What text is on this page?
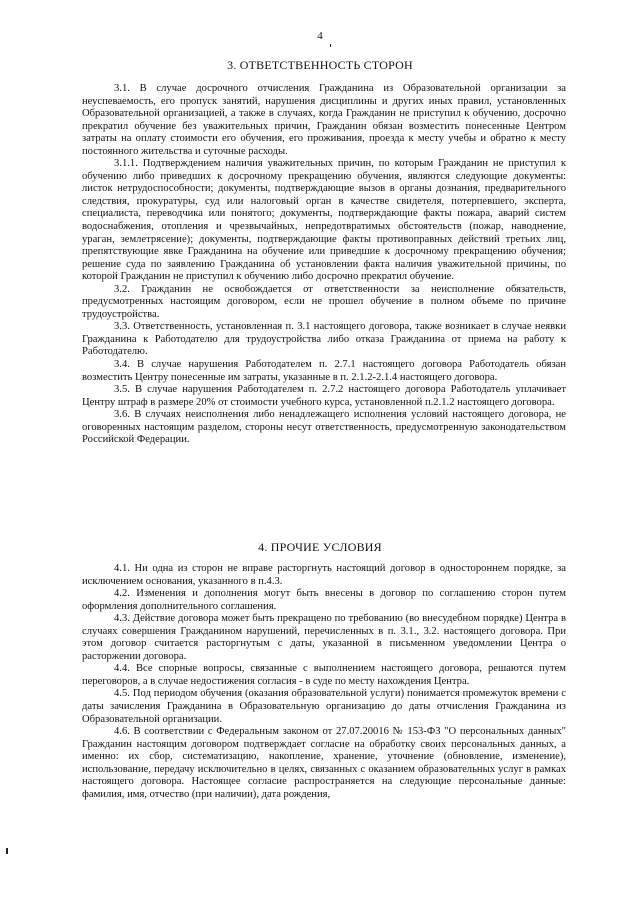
4
3. ОТВЕТСТВЕННОСТЬ СТОРОН

3.1. В случае досрочного отчисления Гражданина из Образовательной организации за неуспеваемость, его пропуск занятий, нарушения дисциплины и других иных правил, установленных Образовательной организацией, а также в случаях, когда Гражданин не приступил к обучению, досрочно прекратил обучение без уважительных причин, Гражданин обязан возместить понесенные Центром затраты на оплату стоимости его обучения, его проживания, проезда к месту учебы и обратно к месту постоянного жительства и суточные расходы.

3.1.1. Подтверждением наличия уважительных причин, по которым Гражданин не приступил к обучению либо приведших к досрочному прекращению обучения, являются следующие документы: листок нетрудоспособности; документы, подтверждающие вызов в органы дознания, предварительного следствия, прокуратуры, суд или налоговый орган в качестве свидетеля, потерпевшего, эксперта, специалиста, переводчика или понятого; документы, подтверждающие факты пожара, аварий систем водоснабжения, отопления и чрезвычайных, непредотвратимых обстоятельств (пожар, наводнение, ураган, землетрясение); документы, подтверждающие факты противоправных действий третьих лиц, препятствующие явке Гражданина на обучение или приведшие к досрочному прекращению обучения; решение суда по заявлению Гражданина об установлении факта наличия уважительной причины, по которой Гражданин не приступил к обучению либо досрочно прекратил обучение.

3.2. Гражданин не освобождается от ответственности за неисполнение обязательств, предусмотренных настоящим договором, если не прошел обучение в полном объеме по причине трудоустройства.

3.3. Ответственность, установленная п. 3.1 настоящего договора, также возникает в случае неявки Гражданина к Работодателю для трудоустройства либо отказа Гражданина от приема на работу к Работодателю.

3.4. В случае нарушения Работодателем п. 2.7.1 настоящего договора Работодатель обязан возместить Центру понесенные им затраты, указанные в п. 2.1.2-2.1.4 настоящего договора.

3.5. В случае нарушения Работодателем п. 2.7.2 настоящего договора Работодатель уплачивает Центру штраф в размере 20% от стоимости учебного курса, установленной п.2.1.2 настоящего договора.

3.6. В случаях неисполнения либо ненадлежащего исполнения условий настоящего договора, не оговоренных настоящим разделом, стороны несут ответственность, предусмотренную законодательством Российской Федерации.

4. ПРОЧИЕ УСЛОВИЯ

4.1. Ни одна из сторон не вправе расторгнуть настоящий договор в одностороннем порядке, за исключением основания, указанного в п.4.3.

4.2. Изменения и дополнения могут быть внесены в договор по соглашению сторон путем оформления дополнительного соглашения.

4.3. Действие договора может быть прекращено по требованию (во внесудебном порядке) Центра в случаях совершения Гражданином нарушений, перечисленных в п. 3.1., 3.2. настоящего договора. При этом договор считается расторгнутым с даты, указанной в письменном уведомлении Центра о расторжении договора.

4.4. Все спорные вопросы, связанные с выполнением настоящего договора, решаются путем переговоров, а в случае недостижения согласия - в суде по месту нахождения Центра.

4.5. Под периодом обучения (оказания образовательной услуги) понимается промежуток времени с даты зачисления Гражданина в Образовательную организацию до даты отчисления Гражданина из Образовательной организации.

4.6. В соответствии с Федеральным законом от 27.07.20016 № 153-ФЗ "О персональных данных" Гражданин настоящим договором подтверждает согласие на обработку своих персональных данных, а именно: их сбор, систематизацию, накопление, хранение, уточнение (обновление, изменение), использование, передачу исключительно в целях, связанных с оказанием образовательных услуг в рамках настоящего договора. Настоящее согласие распространяется на следующие персональные данные: фамилия, имя, отчество (при наличии), дата рождения,
